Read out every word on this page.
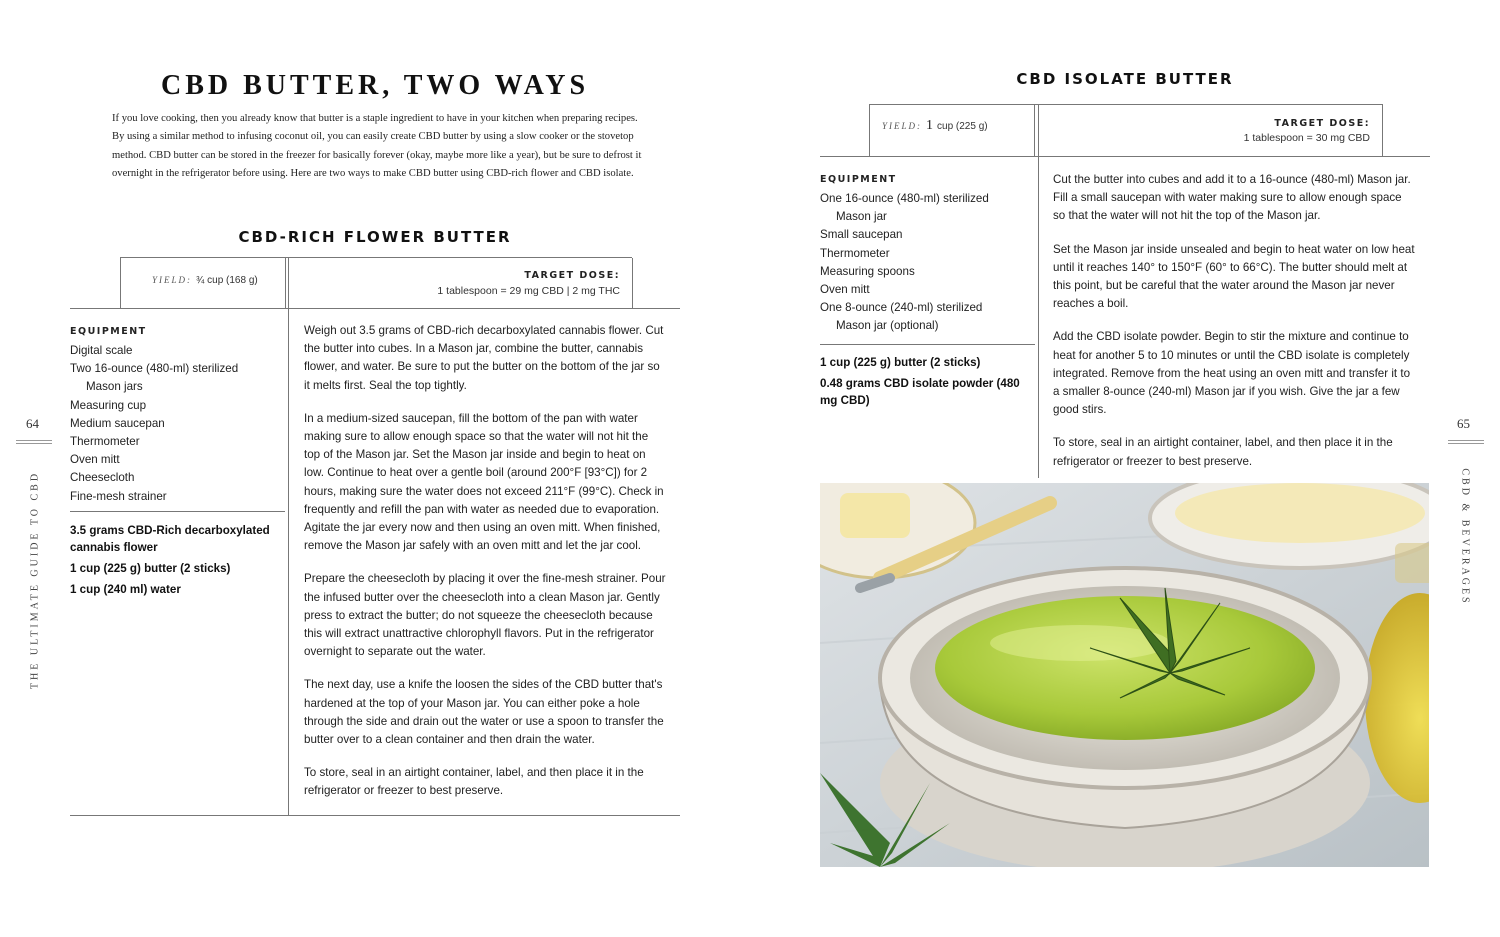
CBD BUTTER, TWO WAYS
If you love cooking, then you already know that butter is a staple ingredient to have in your kitchen when preparing recipes. By using a similar method to infusing coconut oil, you can easily create CBD butter by using a slow cooker or the stovetop method. CBD butter can be stored in the freezer for basically forever (okay, maybe more like a year), but be sure to defrost it overnight in the refrigerator before using. Here are two ways to make CBD butter using CBD-rich flower and CBD isolate.
CBD-RICH FLOWER BUTTER
YIELD: ¾ cup (168 g)	TARGET DOSE:
1 tablespoon = 29 mg CBD | 2 mg THC
EQUIPMENT
Digital scale
Two 16-ounce (480-ml) sterilized
Mason jars
Measuring cup
Medium saucepan
Thermometer
Oven mitt
Cheesecloth
Fine-mesh strainer
3.5 grams CBD-Rich decarboxylated cannabis flower
1 cup (225 g) butter (2 sticks)
1 cup (240 ml) water

Weigh out 3.5 grams of CBD-rich decarboxylated cannabis flower. Cut the butter into cubes. In a Mason jar, combine the butter, cannabis flower, and water. Be sure to put the butter on the bottom of the jar so it melts first. Seal the top tightly.

In a medium-sized saucepan, fill the bottom of the pan with water making sure to allow enough space so that the water will not hit the top of the Mason jar. Set the Mason jar inside and begin to heat on low. Continue to heat over a gentle boil (around 200°F [93°C]) for 2 hours, making sure the water does not exceed 211°F (99°C). Check in frequently and refill the pan with water as needed due to evaporation. Agitate the jar every now and then using an oven mitt. When finished, remove the Mason jar safely with an oven mitt and let the jar cool.

Prepare the cheesecloth by placing it over the fine-mesh strainer. Pour the infused butter over the cheesecloth into a clean Mason jar. Gently press to extract the butter; do not squeeze the cheesecloth because this will extract unattractive chlorophyll flavors. Put in the refrigerator overnight to separate out the water.

The next day, use a knife the loosen the sides of the CBD butter that's hardened at the top of your Mason jar. You can either poke a hole through the side and drain out the water or use a spoon to transfer the butter over to a clean container and then drain the water.

To store, seal in an airtight container, label, and then place it in the refrigerator or freezer to best preserve.

64
THE ULTIMATE GUIDE TO CBD
CBD ISOLATE BUTTER
YIELD: 1 cup (225 g)	TARGET DOSE:
1 tablespoon = 30 mg CBD
EQUIPMENT
One 16-ounce (480-ml) sterilized
Mason jar
Small saucepan
Thermometer
Measuring spoons
Oven mitt
One 8-ounce (240-ml) sterilized
Mason jar (optional)
1 cup (225 g) butter (2 sticks)
0.48 grams CBD isolate powder (480 mg CBD)

Cut the butter into cubes and add it to a 16-ounce (480-ml) Mason jar. Fill a small saucepan with water making sure to allow enough space so that the water will not hit the top of the Mason jar.

Set the Mason jar inside unsealed and begin to heat water on low heat until it reaches 140° to 150°F (60° to 66°C). The butter should melt at this point, but be careful that the water around the Mason jar never reaches a boil.

Add the CBD isolate powder. Begin to stir the mixture and continue to heat for another 5 to 10 minutes or until the CBD isolate is completely integrated. Remove from the heat using an oven mitt and transfer it to a smaller 8-ounce (240-ml) Mason jar if you wish. Give the jar a few good stirs.

To store, seal in an airtight container, label, and then place it in the refrigerator or freezer to best preserve.

65
CBD & BEVERAGES
